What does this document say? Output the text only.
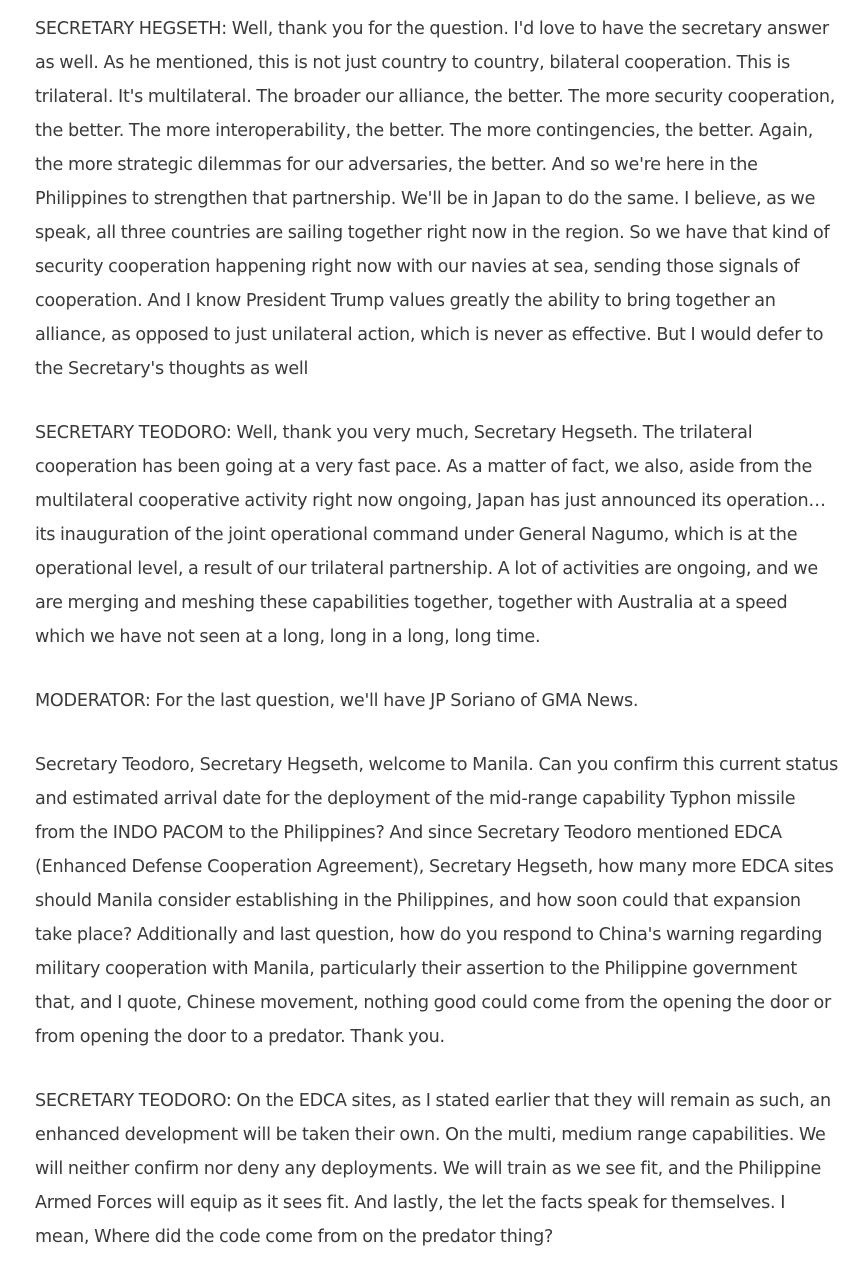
SECRETARY HEGSETH: Well, thank you for the question. I'd love to have the secretary answer as well. As he mentioned, this is not just country to country, bilateral cooperation. This is trilateral. It's multilateral. The broader our alliance, the better. The more security cooperation, the better. The more interoperability, the better. The more contingencies, the better. Again, the more strategic dilemmas for our adversaries, the better. And so we're here in the Philippines to strengthen that partnership. We'll be in Japan to do the same. I believe, as we speak, all three countries are sailing together right now in the region. So we have that kind of security cooperation happening right now with our navies at sea, sending those signals of cooperation. And I know President Trump values greatly the ability to bring together an alliance, as opposed to just unilateral action, which is never as effective. But I would defer to the Secretary's thoughts as well

SECRETARY TEODORO: Well, thank you very much, Secretary Hegseth. The trilateral cooperation has been going at a very fast pace. As a matter of fact, we also, aside from the multilateral cooperative activity right now ongoing, Japan has just announced its operation… its inauguration of the joint operational command under General Nagumo, which is at the operational level, a result of our trilateral partnership. A lot of activities are ongoing, and we are merging and meshing these capabilities together, together with Australia at a speed which we have not seen at a long, long in a long, long time.

MODERATOR: For the last question, we'll have JP Soriano of GMA News.

Secretary Teodoro, Secretary Hegseth, welcome to Manila. Can you confirm this current status and estimated arrival date for the deployment of the mid-range capability Typhon missile from the INDO PACOM to the Philippines? And since Secretary Teodoro mentioned EDCA (Enhanced Defense Cooperation Agreement), Secretary Hegseth, how many more EDCA sites should Manila consider establishing in the Philippines, and how soon could that expansion take place? Additionally and last question, how do you respond to China's warning regarding military cooperation with Manila, particularly their assertion to the Philippine government that, and I quote, Chinese movement, nothing good could come from the opening the door or from opening the door to a predator. Thank you.

SECRETARY TEODORO: On the EDCA sites, as I stated earlier that they will remain as such, an enhanced development will be taken their own. On the multi, medium range capabilities. We will neither confirm nor deny any deployments. We will train as we see fit, and the Philippine Armed Forces will equip as it sees fit. And lastly, the let the facts speak for themselves. I mean, Where did the code come from on the predator thing?
